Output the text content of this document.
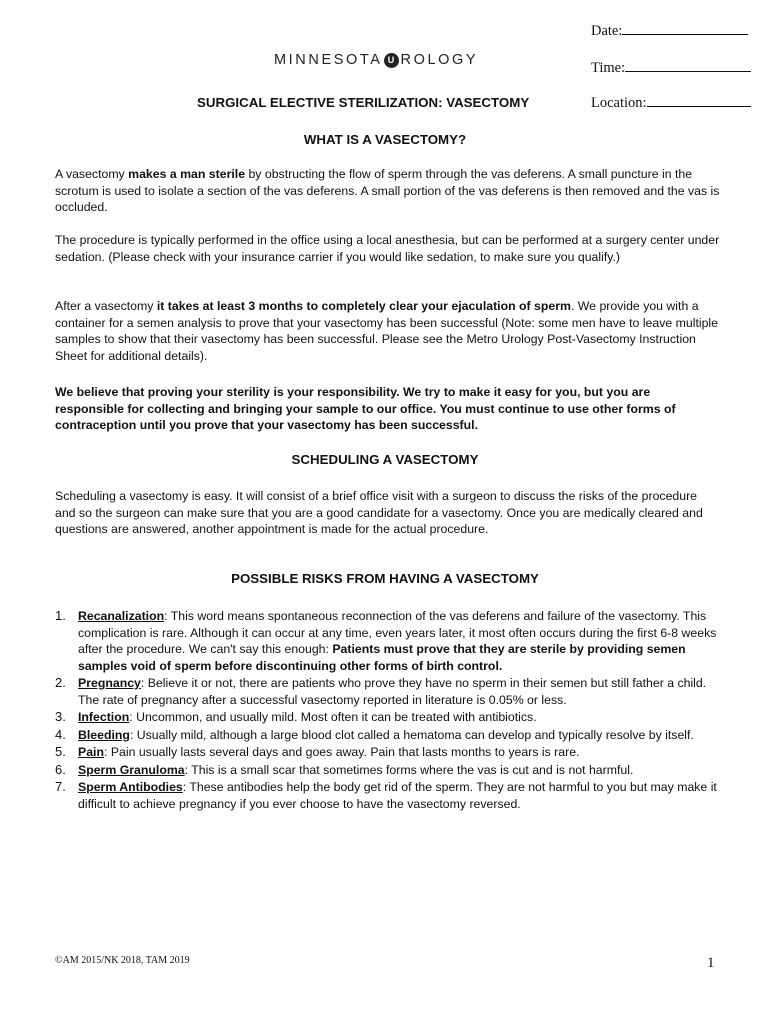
MINNESOTA U ROLOGY
Date:
Time:
Location:
SURGICAL ELECTIVE STERILIZATION: VASECTOMY
WHAT IS A VASECTOMY?

A vasectomy makes a man sterile by obstructing the flow of sperm through the vas deferens. A small puncture in the scrotum is used to isolate a section of the vas deferens. A small portion of the vas deferens is then removed and the vas is occluded.

The procedure is typically performed in the office using a local anesthesia, but can be performed at a surgery center under sedation. (Please check with your insurance carrier if you would like sedation, to make sure you qualify.)

After a vasectomy it takes at least 3 months to completely clear your ejaculation of sperm. We provide you with a container for a semen analysis to prove that your vasectomy has been successful (Note: some men have to leave multiple samples to show that their vasectomy has been successful. Please see the Metro Urology Post-Vasectomy Instruction Sheet for additional details).

We believe that proving your sterility is your responsibility. We try to make it easy for you, but you are responsible for collecting and bringing your sample to our office. You must continue to use other forms of contraception until you prove that your vasectomy has been successful.

SCHEDULING A VASECTOMY

Scheduling a vasectomy is easy. It will consist of a brief office visit with a surgeon to discuss the risks of the procedure and so the surgeon can make sure that you are a good candidate for a vasectomy. Once you are medically cleared and questions are answered, another appointment is made for the actual procedure.

POSSIBLE RISKS FROM HAVING A VASECTOMY
1. Recanalization: This word means spontaneous reconnection of the vas deferens and failure of the vasectomy. This complication is rare. Although it can occur at any time, even years later, it most often occurs during the first 6-8 weeks after the procedure. We can't say this enough: Patients must prove that they are sterile by providing semen samples void of sperm before discontinuing other forms of birth control.
2. Pregnancy: Believe it or not, there are patients who prove they have no sperm in their semen but still father a child. The rate of pregnancy after a successful vasectomy reported in literature is 0.05% or less.
3. Infection: Uncommon, and usually mild. Most often it can be treated with antibiotics.
4. Bleeding: Usually mild, although a large blood clot called a hematoma can develop and typically resolve by itself.
5. Pain: Pain usually lasts several days and goes away. Pain that lasts months to years is rare.
6. Sperm Granuloma: This is a small scar that sometimes forms where the vas is cut and is not harmful.
7. Sperm Antibodies: These antibodies help the body get rid of the sperm. They are not harmful to you but may make it difficult to achieve pregnancy if you ever choose to have the vasectomy reversed.
©AM 2015/NK 2018, TAM 2019	1
